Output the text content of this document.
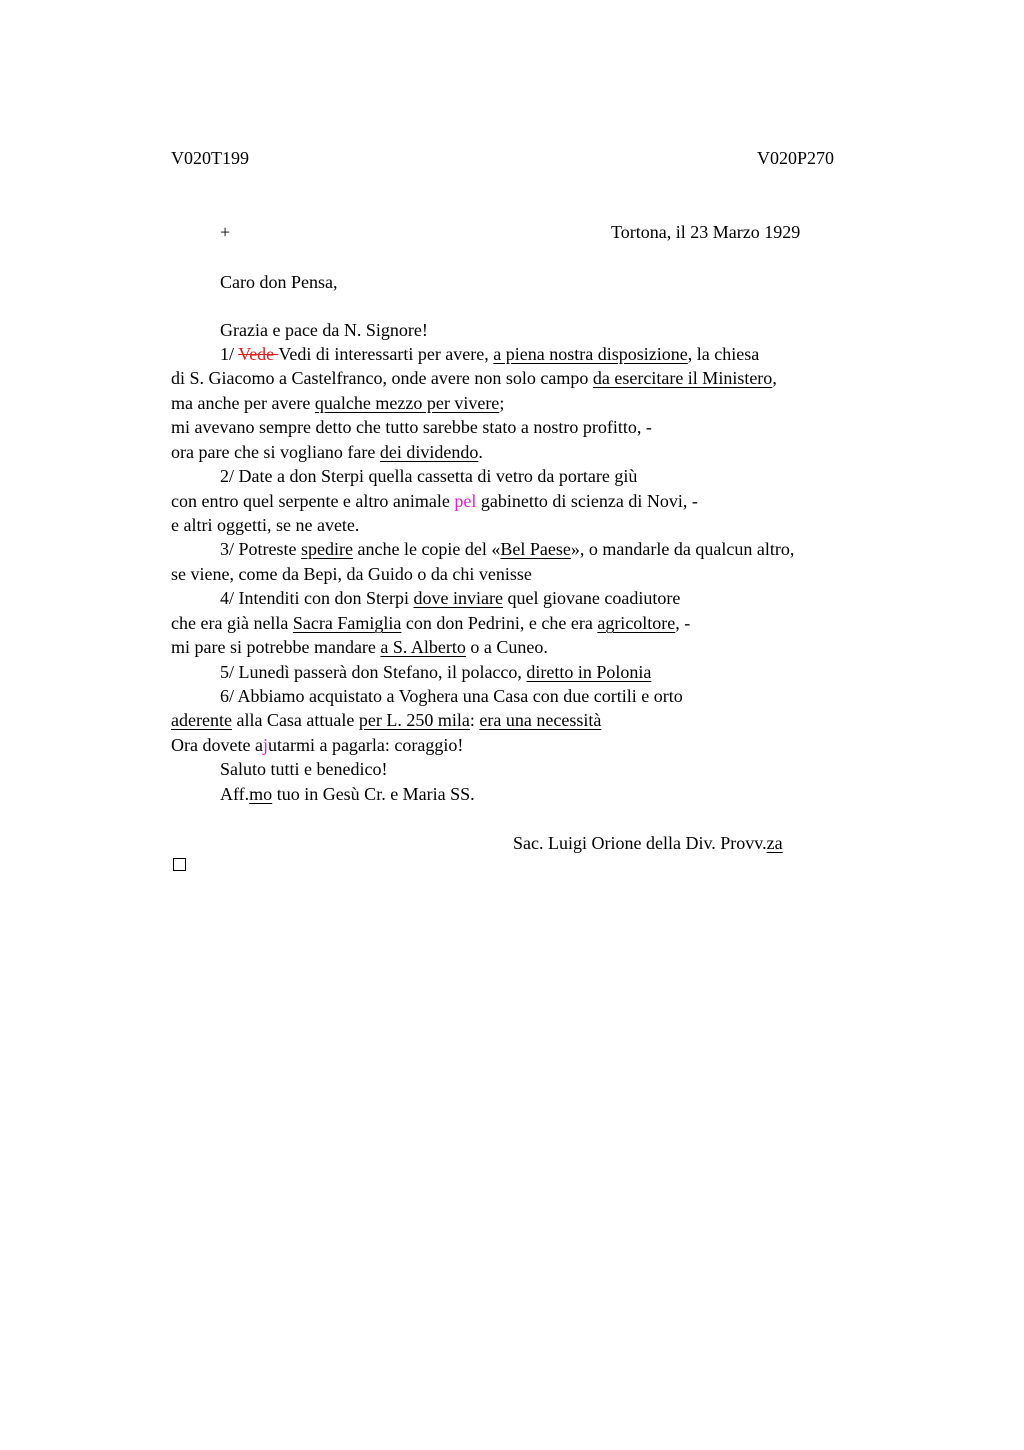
V020T199	V020P270
+	Tortona, il 23 Marzo 1929
Caro don Pensa,
Grazia e pace da N. Signore!
1/ Vede Vedi di interessarti per avere, a piena nostra disposizione, la chiesa
di S. Giacomo a Castelfranco, onde avere non solo campo da esercitare il Ministero,
ma anche per avere qualche mezzo per vivere;
mi avevano sempre detto che tutto sarebbe stato a nostro profitto, -
ora pare che si vogliano fare dei dividendo.
2/ Date a don Sterpi quella cassetta di vetro da portare giù
con entro quel serpente e altro animale pel gabinetto di scienza di Novi, -
e altri oggetti, se ne avete.
3/ Potreste spedire anche le copie del «Bel Paese», o mandarle da qualcun altro,
se viene, come da Bepi, da Guido o da chi venisse
4/ Intenditi con don Sterpi dove inviare quel giovane coadiutore
che era già nella Sacra Famiglia con don Pedrini, e che era agricoltore, -
mi pare si potrebbe mandare a S. Alberto o a Cuneo.
5/ Lunedì passerà don Stefano, il polacco, diretto in Polonia
6/ Abbiamo acquistato a Voghera una Casa con due cortili e orto
aderente alla Casa attuale per L. 250 mila: era una necessità
Ora dovete ajutarmi a pagarla: coraggio!
Saluto tutti e benedico!
Aff.mo tuo in Gesù Cr. e Maria SS.
Sac. Luigi Orione della Div. Provv.za
